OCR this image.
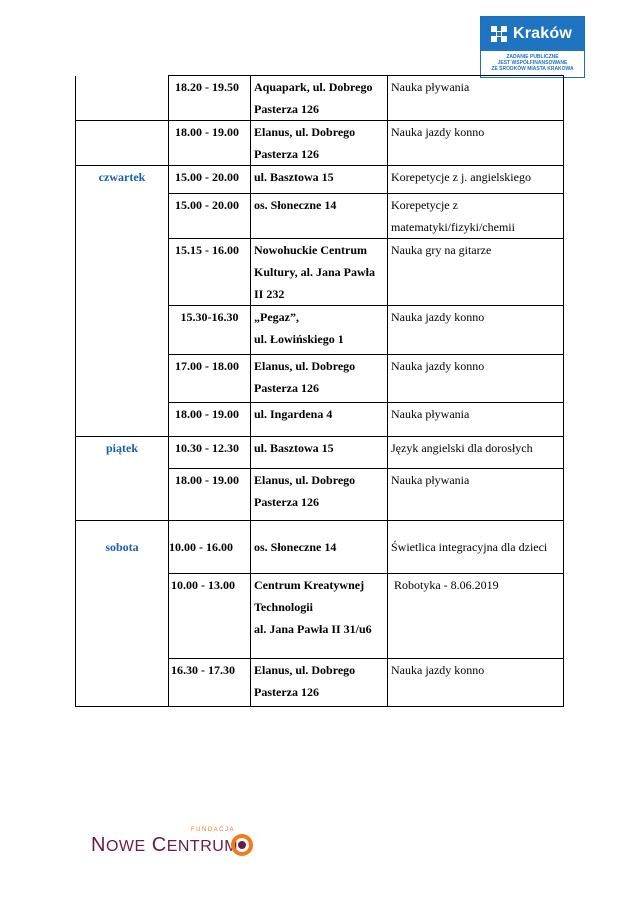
Kraków
ZADANIE PUBLICZNE
JEST WSPÓŁFINANSOWANE
ZE ŚRODKÓW MIASTA KRAKOWA
	18.20 - 19.50	Aquapark, ul. Dobrego
Pasterza 126	Nauka pływania

	18.00 - 19.00	Elanus, ul. Dobrego
Pasterza 126	Nauka jazdy konno

czwartek	15.00 - 20.00	ul. Basztowa 15	Korepetycje z j. angielskiego

	15.00 - 20.00	os. Słoneczne 14	Korepetycje z
matematyki/fizyki/chemii

	15.15 - 16.00	Nowohuckie Centrum
Kultury, al. Jana Pawła
II 232	Nauka gry na gitarze

	15.30-16.30	„Pegaz”,
ul. Łowińskiego 1	Nauka jazdy konno

	17.00 - 18.00	Elanus, ul. Dobrego
Pasterza 126	Nauka jazdy konno

	18.00 - 19.00	ul. Ingardena 4	Nauka pływania

piątek	10.30 - 12.30	ul. Basztowa 15	Język angielski dla dorosłych

	18.00 - 19.00	Elanus, ul. Dobrego
Pasterza 126	Nauka pływania

sobota	10.00 - 16.00	os. Słoneczne 14	Świetlica integracyjna dla dzieci

	10.00 - 13.00	Centrum Kreatywnej
Technologii
al. Jana Pawła II 31/u6	Robotyka - 8.06.2019

	16.30 - 17.30	Elanus, ul. Dobrego
Pasterza 126	Nauka jazdy konno
FUNDACJA
NOWE CENTRUM
